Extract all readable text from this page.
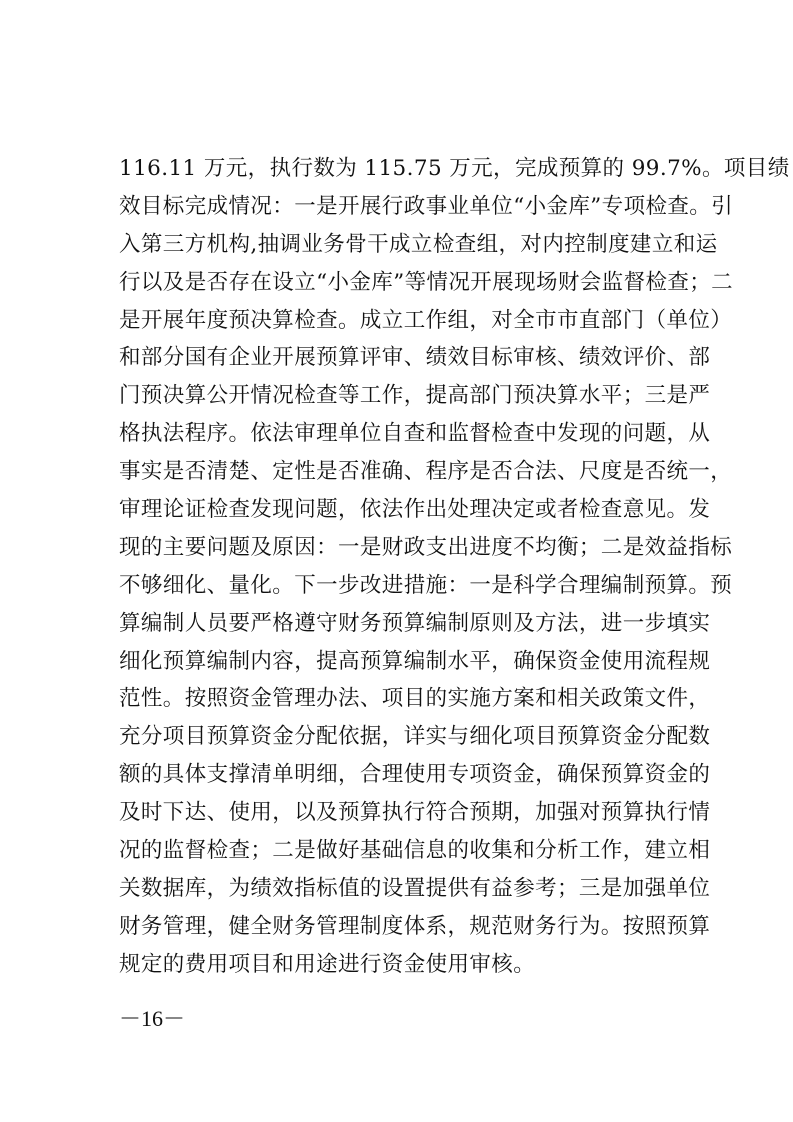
116.11 万元，执行数为 115.75 万元，完成预算的 99.7%。项目绩
效目标完成情况：一是开展行政事业单位“小金库”专项检查。引
入第三方机构,抽调业务骨干成立检查组，对内控制度建立和运
行以及是否存在设立“小金库”等情况开展现场财会监督检查；二
是开展年度预决算检查。成立工作组，对全市市直部门（单位）
和部分国有企业开展预算评审、绩效目标审核、绩效评价、部
门预决算公开情况检查等工作，提高部门预决算水平；三是严
格执法程序。依法审理单位自查和监督检查中发现的问题，从
事实是否清楚、定性是否准确、程序是否合法、尺度是否统一，
审理论证检查发现问题，依法作出处理决定或者检查意见。发
现的主要问题及原因：一是财政支出进度不均衡；二是效益指标
不够细化、量化。下一步改进措施：一是科学合理编制预算。预
算编制人员要严格遵守财务预算编制原则及方法，进一步填实
细化预算编制内容，提高预算编制水平，确保资金使用流程规
范性。按照资金管理办法、项目的实施方案和相关政策文件，
充分项目预算资金分配依据，详实与细化项目预算资金分配数
额的具体支撑清单明细，合理使用专项资金，确保预算资金的
及时下达、使用，以及预算执行符合预期，加强对预算执行情
况的监督检查；二是做好基础信息的收集和分析工作，建立相
关数据库，为绩效指标值的设置提供有益参考；三是加强单位
财务管理，健全财务管理制度体系，规范财务行为。按照预算
规定的费用项目和用途进行资金使用审核。
－16－
